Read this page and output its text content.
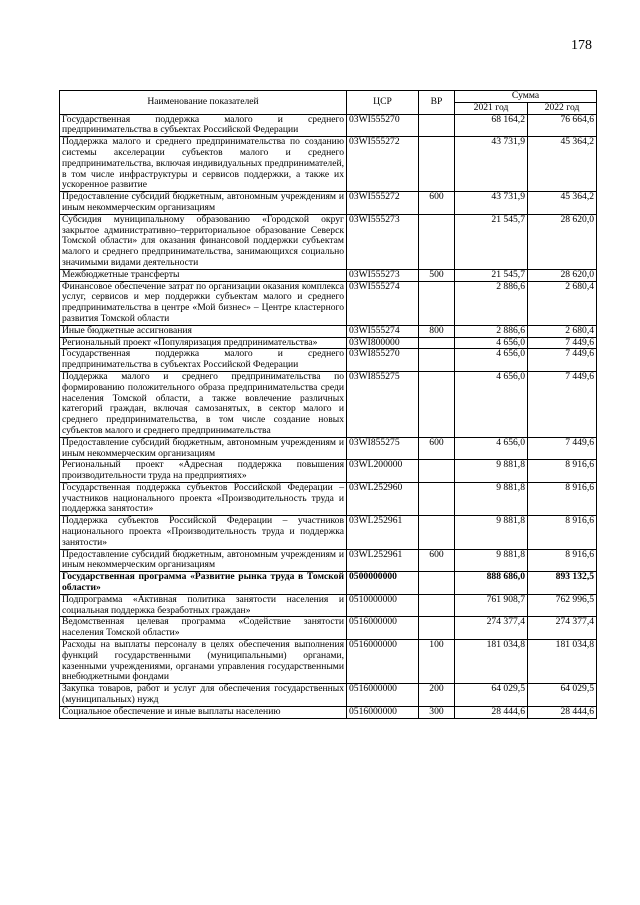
178
Наименование показателей	ЦСР	ВР	Сумма	
			2021 год	2022 год
Государственная поддержка малого и среднего предпринимательства в субъектах Российской Федерации	03WI555270		68 164,2	76 664,6
Поддержка малого и среднего предпринимательства по созданию системы акселерации субъектов малого и среднего предпринимательства, включая индивидуальных предпринимателей, в том числе инфраструктуры и сервисов поддержки, а также их ускоренное развитие	03WI555272		43 731,9	45 364,2
Предоставление субсидий бюджетным, автономным учреждениям и иным некоммерческим организациям	03WI555272	600	43 731,9	45 364,2
Субсидия муниципальному образованию «Городской округ закрытое административно–территориальное образование Северск Томской области» для оказания финансовой поддержки субъектам малого и среднего предпринимательства, занимающихся социально значимыми видами деятельности	03WI555273		21 545,7	28 620,0
Межбюджетные трансферты	03WI555273	500	21 545,7	28 620,0
Финансовое обеспечение затрат по организации оказания комплекса услуг, сервисов и мер поддержки субъектам малого и среднего предпринимательства в центре «Мой бизнес» – Центре кластерного развития Томской области	03WI555274		2 886,6	2 680,4
Иные бюджетные ассигнования	03WI555274	800	2 886,6	2 680,4
Региональный проект «Популяризация предпринимательства»	03WI800000		4 656,0	7 449,6
Государственная поддержка малого и среднего предпринимательства в субъектах Российской Федерации	03WI855270		4 656,0	7 449,6
Поддержка малого и среднего предпринимательства по формированию положительного образа предпринимательства среди населения Томской области, а также вовлечение различных категорий граждан, включая самозанятых, в сектор малого и среднего предпринимательства, в том числе создание новых субъектов малого и среднего предпринимательства	03WI855275		4 656,0	7 449,6
Предоставление субсидий бюджетным, автономным учреждениям и иным некоммерческим организациям	03WI855275	600	4 656,0	7 449,6
Региональный проект «Адресная поддержка повышения производительности труда на предприятиях»	03WL200000		9 881,8	8 916,6
Государственная поддержка субъектов Российской Федерации – участников национального проекта «Производительность труда и поддержка занятости»	03WL252960		9 881,8	8 916,6
Поддержка субъектов Российской Федерации – участников национального проекта «Производительность труда и поддержка занятости»	03WL252961		9 881,8	8 916,6
Предоставление субсидий бюджетным, автономным учреждениям и иным некоммерческим организациям	03WL252961	600	9 881,8	8 916,6
Государственная программа «Развитие рынка труда в Томской области»	0500000000		888 686,0	893 132,5
Подпрограмма «Активная политика занятости населения и социальная поддержка безработных граждан»	0510000000		761 908,7	762 996,5
Ведомственная целевая программа «Содействие занятости населения Томской области»	0516000000		274 377,4	274 377,4
Расходы на выплаты персоналу в целях обеспечения выполнения функций государственными (муниципальными) органами, казенными учреждениями, органами управления государственными внебюджетными фондами	0516000000	100	181 034,8	181 034,8
Закупка товаров, работ и услуг для обеспечения государственных (муниципальных) нужд	0516000000	200	64 029,5	64 029,5
Социальное обеспечение и иные выплаты населению	0516000000	300	28 444,6	28 444,6
